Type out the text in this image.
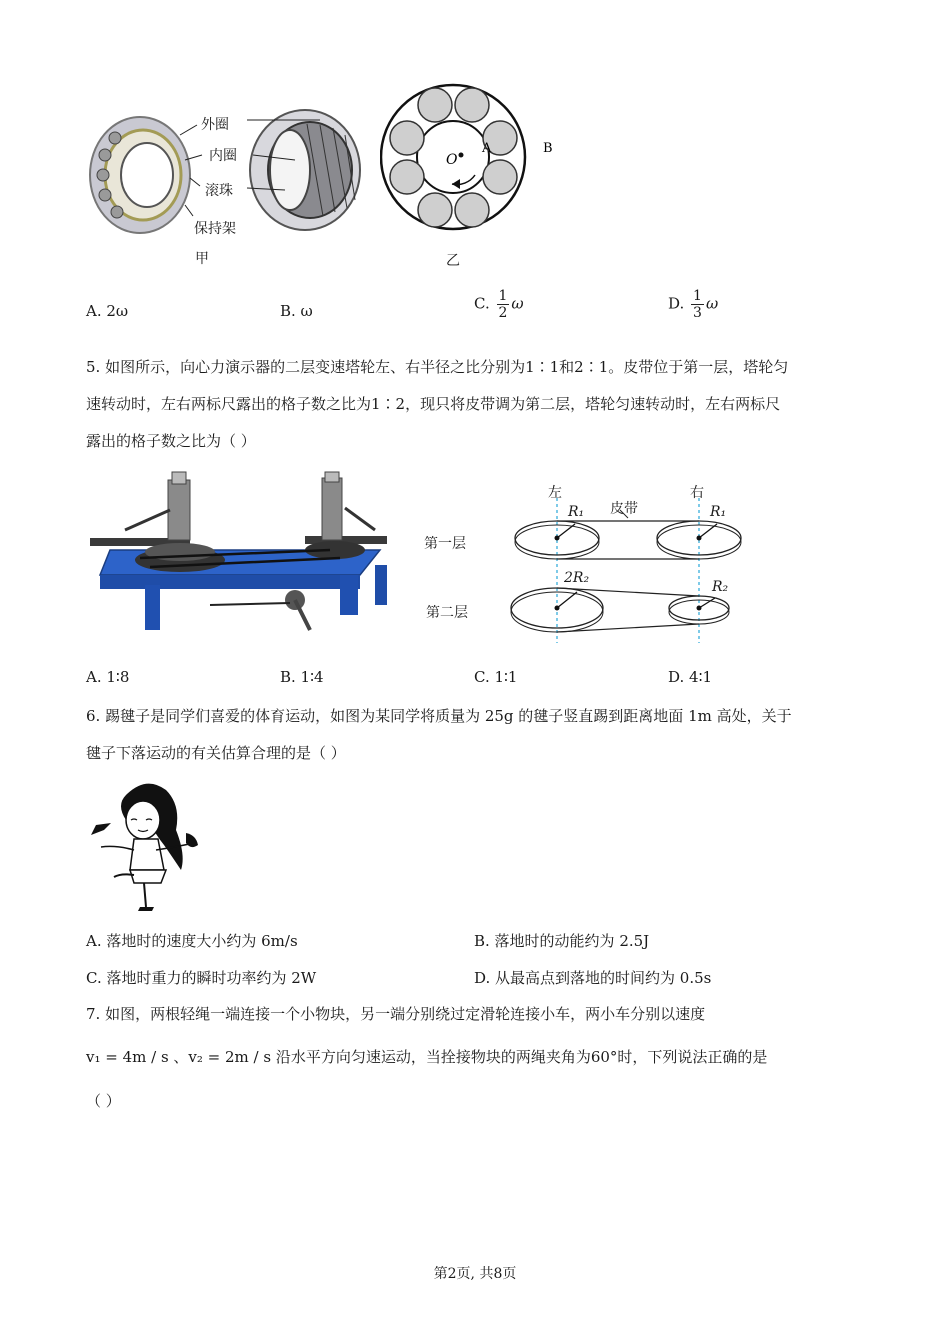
外圈
内圈
滚珠
保持架
甲
O
A	B
乙
A. 2ω	B. ω	C. $\frac{1}{2}$ ω	D. $\frac{1}{3}$ ω
5. 如图所示，向心力演示器的二层变速塔轮左、右半径之比分别为1∶1和2∶1。皮带位于第一层，塔轮匀
速转动时，左右两标尺露出的格子数之比为1∶2，现只将皮带调为第二层，塔轮匀速转动时，左右两标尺
露出的格子数之比为（ ）
左	右
皮带
第一层
第二层
R₁	R₁
2R₂
R₂
A. 1∶8	B. 1∶4	C. 1∶1	D. 4∶1
6. 踢毽子是同学们喜爱的体育运动，如图为某同学将质量为 25g 的毽子竖直踢到距离地面 1m 高处，关于
毽子下落运动的有关估算合理的是（ ）
A. 落地时的速度大小约为 6m/s	B. 落地时的动能约为 2.5J
C. 落地时重力的瞬时功率约为 2W	D. 从最高点到落地的时间约为 0.5s
7. 如图，两根轻绳一端连接一个小物块，另一端分别绕过定滑轮连接小车，两小车分别以速度
v₁ = 4m / s 、v₂ = 2m / s 沿水平方向匀速运动，当拴接物块的两绳夹角为60°时，下列说法正确的是
（ ）
第2页, 共8页
